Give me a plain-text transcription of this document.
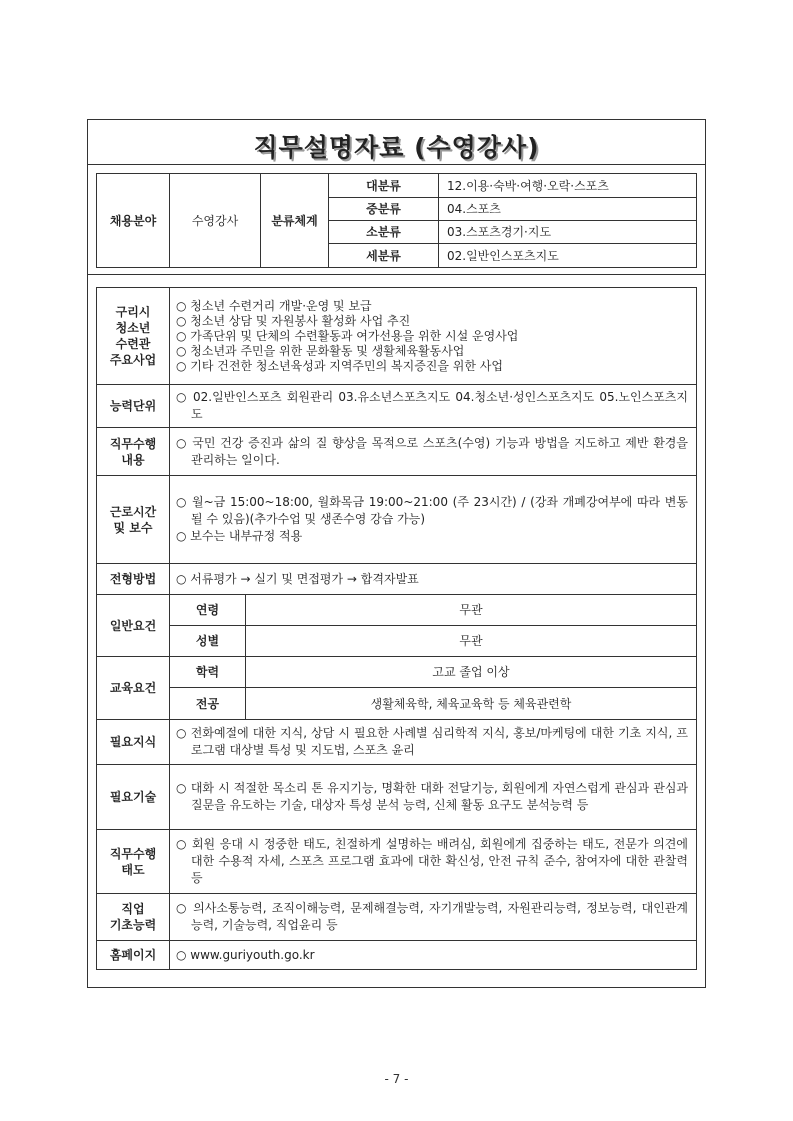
직무설명자료 (수영강사)
채용분야	수영강사	분류체계	대분류	12.이용·숙박·여행·오락·스포츠
			중분류	04.스포츠
			소분류	03.스포츠경기·지도
			세분류	02.일반인스포츠지도
구리시
청소년
수련관
주요사업	○ 청소년 수련거리 개발·운영 및 보급
○ 청소년 상담 및 자원봉사 활성화 사업 추진
○ 가족단위 및 단체의 수련활동과 여가선용을 위한 시설 운영사업
○ 청소년과 주민을 위한 문화활동 및 생활체육활동사업
○ 기타 건전한 청소년육성과 지역주민의 복지증진을 위한 사업	

능력단위	○ 02.일반인스포츠 회원관리 03.유소년스포츠지도 04.청소년·성인스포츠지도 05.노인스포츠지도	

직무수행
내용	○ 국민 건강 증진과 삶의 질 향상을 목적으로 스포츠(수영) 기능과 방법을 지도하고 제반 환경을 관리하는 일이다.	

근로시간
및 보수	○ 월~금 15:00~18:00, 월화목금 19:00~21:00 (주 23시간) / (강좌 개폐강여부에 따라 변동될 수 있음)(추가수업 및 생존수영 강습 가능)
○ 보수는 내부규정 적용	

전형방법	○ 서류평가 → 실기 및 면접평가 → 합격자발표	

일반요건	연령	무관
	성별	무관
교육요건	학력	고교 졸업 이상
	전공	생활체육학, 체육교육학 등 체육관련학
필요지식	○ 전화예절에 대한 지식, 상담 시 필요한 사례별 심리학적 지식, 홍보/마케팅에 대한 기초 지식, 프로그램 대상별 특성 및 지도법, 스포츠 윤리	

필요기술	○ 대화 시 적절한 목소리 톤 유지기능, 명확한 대화 전달기능, 회원에게 자연스럽게 관심과 관심과 질문을 유도하는 기술, 대상자 특성 분석 능력, 신체 활동 요구도 분석능력 등	

직무수행
태도	○ 회원 응대 시 정중한 태도, 친절하게 설명하는 배려심, 회원에게 집중하는 태도, 전문가 의견에 대한 수용적 자세, 스포츠 프로그램 효과에 대한 확신성, 안전 규칙 준수, 참여자에 대한 관찰력 등	

직업
기초능력	○ 의사소통능력, 조직이해능력, 문제해결능력, 자기개발능력, 자원관리능력, 정보능력, 대인관계능력, 기술능력, 직업윤리 등	

홈페이지	○ www.guriyouth.go.kr	
- 7 -
